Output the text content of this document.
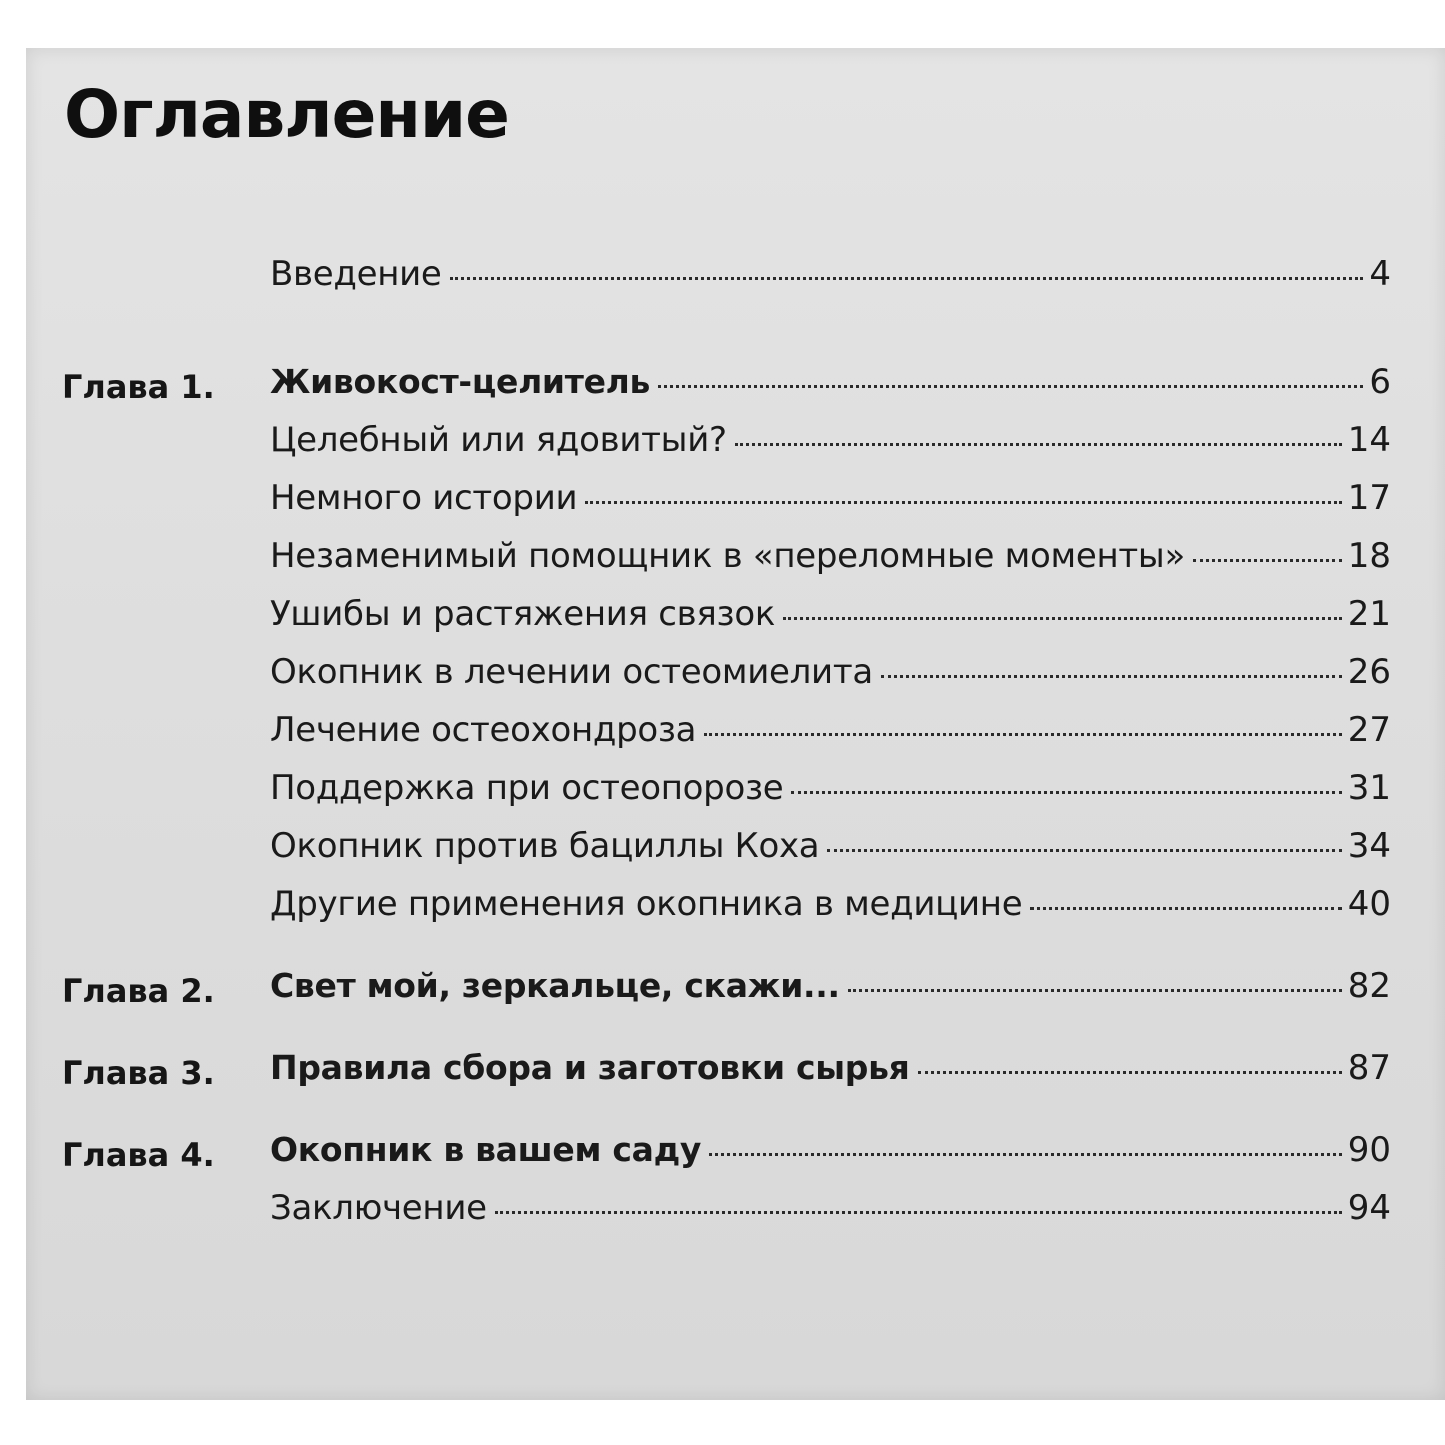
Оглавление
Введение	4
Глава 1. Живокост-целитель	6
Целебный или ядовитый?	14
Немного истории	17
Незаменимый помощник в «переломные моменты»	18
Ушибы и растяжения связок	21
Окопник в лечении остеомиелита	26
Лечение остеохондроза	27
Поддержка при остеопорозе	31
Окопник против бациллы Коха	34
Другие применения окопника в медицине	40
Глава 2. Свет мой, зеркальце, скажи...	82
Глава 3. Правила сбора и заготовки сырья	87
Глава 4. Окопник в вашем саду	90
Заключение	94
